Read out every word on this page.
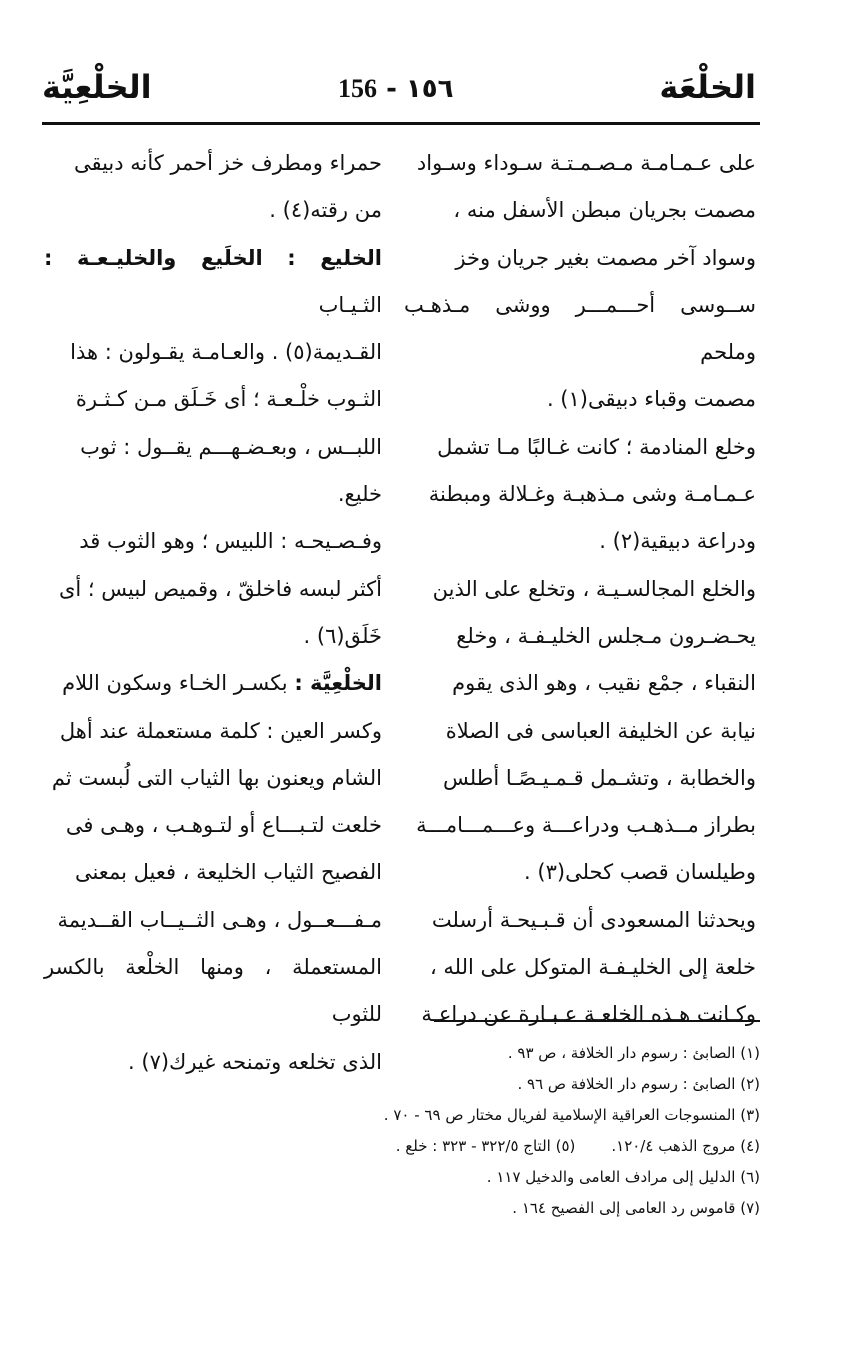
الخلْعَة
الخلْعِيَّة	١٥٦ - 156

على عـمـامـة مـصـمـتـة سـوداء وسـواد

مصمت بجريان مبطن الأسفل منه ،

وسواد آخر مصمت بغير جريان وخز

ســوسى أحـــمـــر ووشى مـذهـب وملحم

مصمت وقباء دبيقى(١) .

وخلع المنادمة ؛ كانت غـالبًا مـا تشمل

عـمـامـة وشى مـذهبـة وغـلالة ومبطنة

ودراعة دبيقية(٢) .

والخلع المجالسـيـة ، وتخلع على الذين

يحـضـرون مـجلس الخليـفـة ، وخلع

النقباء ، جمْع نقيب ، وهو الذى يقوم

نيابة عن الخليفة العباسى فى الصلاة

والخطابة ، وتشـمل قـمـيـصًـا أطلس

بطراز مــذهـب ودراعـــة وعـــمـــامـــة

وطيلسان قصب كحلى(٣) .

ويحدثنا المسعودى أن قـبـيحـة أرسلت

خلعة إلى الخليـفـة المتوكل على الله ،

وكـانت هـذه الخلعـة عـبـارة عن دراعـة

حمراء ومطرف خز أحمر كأنه دبيقى

من رقته(٤) .

الخليع : الخلَيع والخليـعـة : الثـيـاب

القـديمة(٥) . والعـامـة يقـولون : هذا

الثـوب خلْـعـة ؛ أى خَـلَق مـن كـثـرة

اللبــس ، وبعـضـهـــم يقــول : ثوب

خليع.

وفـصـيحـه : اللبيس ؛ وهو الثوب قد

أكثر لبسه فاخلقّ ، وقميص لبيس ؛ أى

خَلَق(٦) .

الخلْعِيَّة : بكسـر الخـاء وسكون اللام

وكسر العين : كلمة مستعملة عند أهل

الشام ويعنون بها الثياب التى لُبست ثم

خلعت لتـبـــاع أو لتـوهـب ، وهـى فى

الفصيح الثياب الخليعة ، فعيل بمعنى

مـفـــعــول ، وهـى الثــيــاب القــديمة

المستعملة ، ومنها الخلْعة بالكسر للثوب

الذى تخلعه وتمنحه غيرك(٧) .	(١) الصابئ : رسوم دار الخلافة ، ص ٩٣ .
(٢) الصابئ : رسوم دار الخلافة ص ٩٦ .
(٣) المنسوجات العراقية الإسلامية لفريال مختار ص ٦٩ - ٧٠ .
(٤) مروج الذهب ١٢٠/٤.(٥) التاج ٣٢٢/٥ - ٣٢٣ : خلع .
(٦) الدليل إلى مرادف العامى والدخيل ١١٧ .
(٧) قاموس رد العامى إلى الفصيح ١٦٤ .
